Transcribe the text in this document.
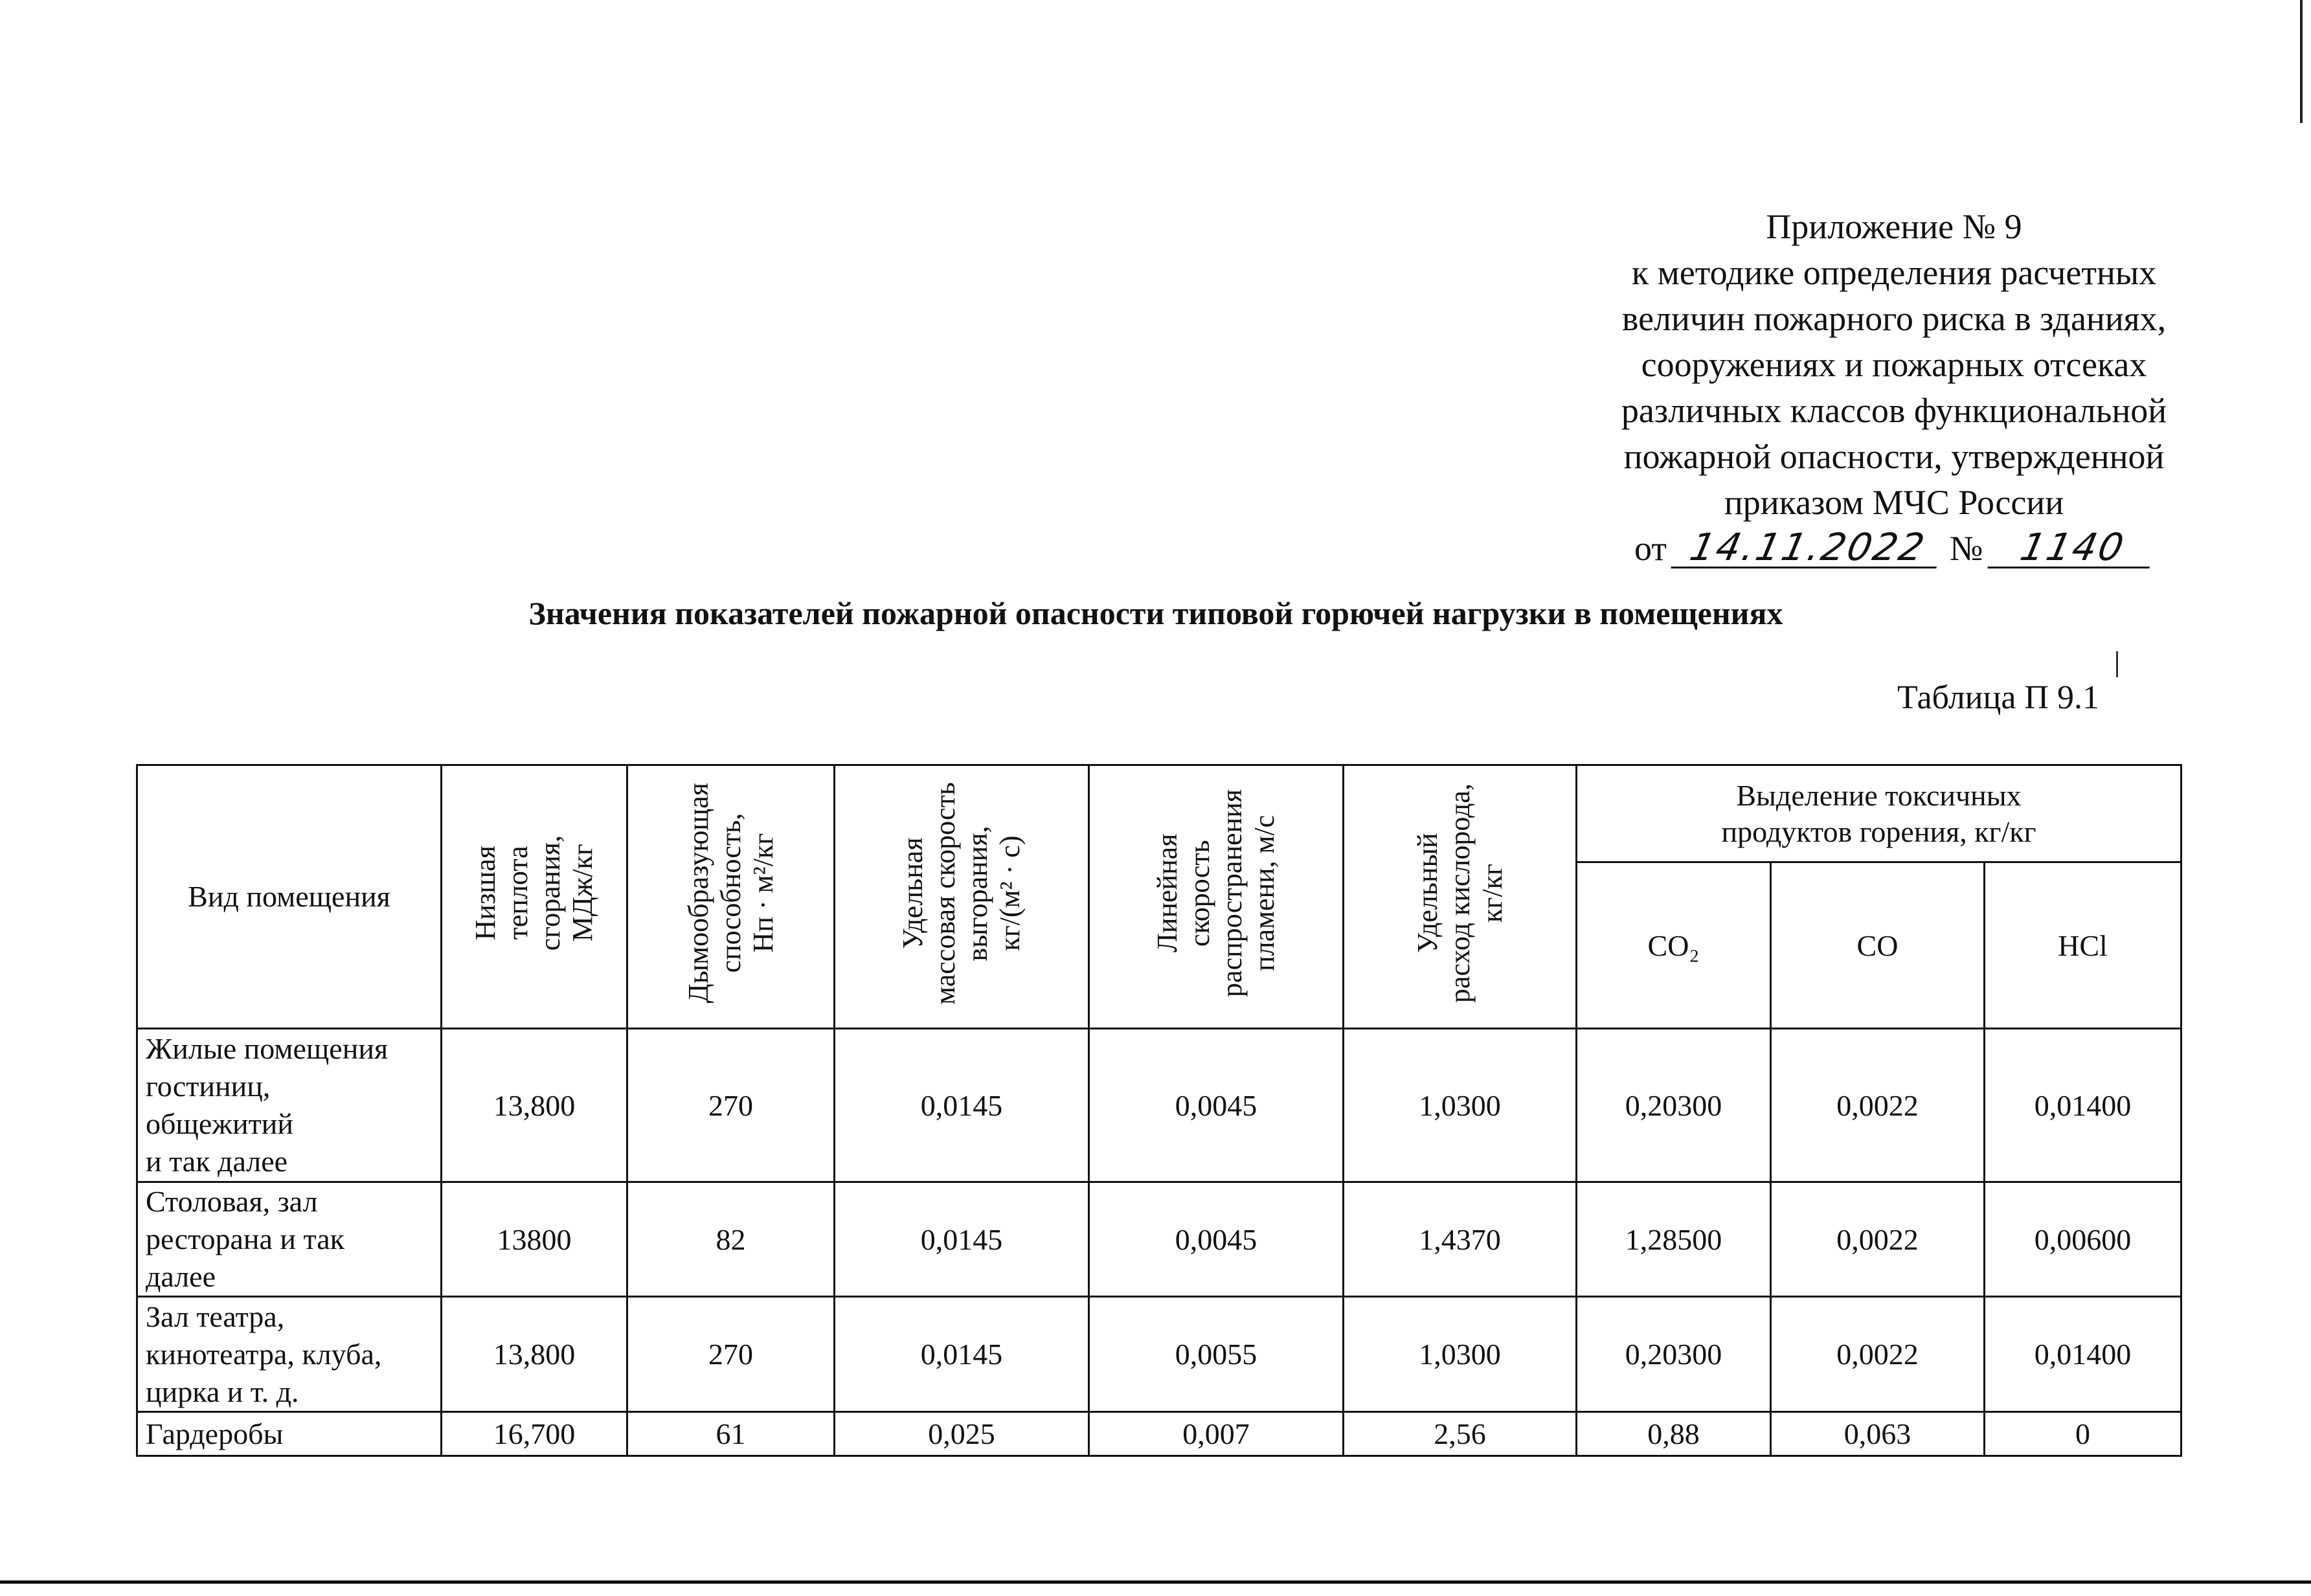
Приложение № 9
к методике определения расчетных
величин пожарного риска в зданиях,
сооружениях и пожарных отсеках
различных классов функциональной
пожарной опасности, утвержденной
приказом МЧС России
от 14.11.2022 № 1140
Значения показателей пожарной опасности типовой горючей нагрузки в помещениях
Таблица П 9.1
Вид помещения	Низшая
теплота
сгорания,
МДж/кг	Дымообразующая
способность,
Нп · м²/кг	Удельная
массовая скорость
выгорания,
кг/(м² · с)	Линейная
скорость
распространения
пламени, м/с	Удельный
расход кислорода,
кг/кг	Выделение токсичных
продуктов горения, кг/кг		
						CO₂	CO	HCl
Жилые помещения
гостиниц,
общежитий
и так далее	13,800	270	0,0145	0,0045	1,0300	0,20300	0,0022	0,01400
Столовая, зал
ресторана и так
далее	13800	82	0,0145	0,0045	1,4370	1,28500	0,0022	0,00600
Зал театра,
кинотеатра, клуба,
цирка и т. д.	13,800	270	0,0145	0,0055	1,0300	0,20300	0,0022	0,01400
Гардеробы	16,700	61	0,025	0,007	2,56	0,88	0,063	0
